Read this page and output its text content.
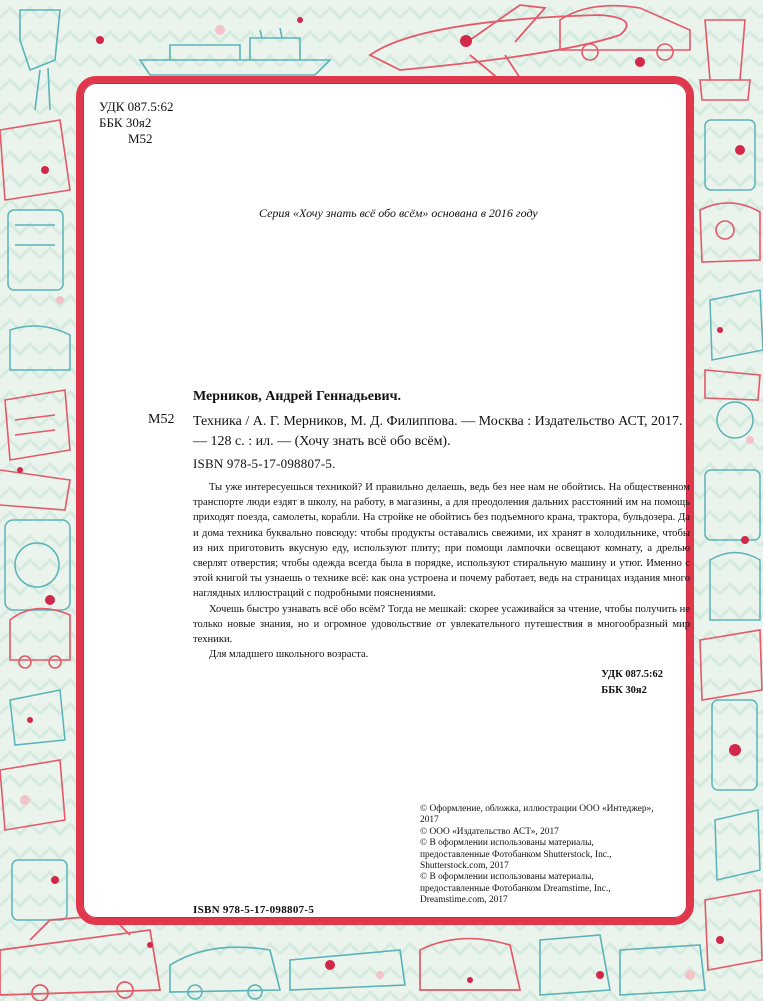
УДК 087.5:62
ББК 30я2
М52
Серия «Хочу знать всё обо всём» основана в 2016 году
Мерников, Андрей Геннадьевич.
М52 Техника / А. Г. Мерников, М. Д. Филиппова. — Москва : Издательство АСТ, 2017. — 128 с. : ил. — (Хочу знать всё обо всём).
ISBN 978-5-17-098807-5.

Ты уже интересуешься техникой? И правильно делаешь, ведь без нее нам не обойтись. На общественном транспорте люди ездят в школу, на работу, в магазины, а для преодоления дальних расстояний им на помощь приходят поезда, самолеты, корабли. На стройке не обойтись без подъемного крана, трактора, бульдозера. Да и дома техника буквально повсюду: чтобы продукты оставались свежими, их хранят в холодильнике, чтобы из них приготовить вкусную еду, используют плиту; при помощи лампочки освещают комнату, а дрелью сверлят отверстия; чтобы одежда всегда была в порядке, используют стиральную машину и утюг. Именно с этой книгой ты узнаешь о технике всё: как она устроена и почему работает, ведь на страницах издания много наглядных иллюстраций с подробными пояснениями.

Хочешь быстро узнавать всё обо всём? Тогда не мешкай: скорее усаживайся за чтение, чтобы получить не только новые знания, но и огромное удовольствие от увлекательного путешествия в многообразный мир техники.

Для младшего школьного возраста.

УДК 087.5:62
ББК 30я2
© Оформление, обложка, иллюстрации ООО «Интеджер», 2017
© ООО «Издательство АСТ», 2017
© В оформлении использованы материалы, предоставленные Фотобанком Shutterstock, Inc., Shutterstock.com, 2017
© В оформлении использованы материалы, предоставленные Фотобанком Dreamstime, Inc., Dreamstime.com, 2017
ISBN 978-5-17-098807-5
